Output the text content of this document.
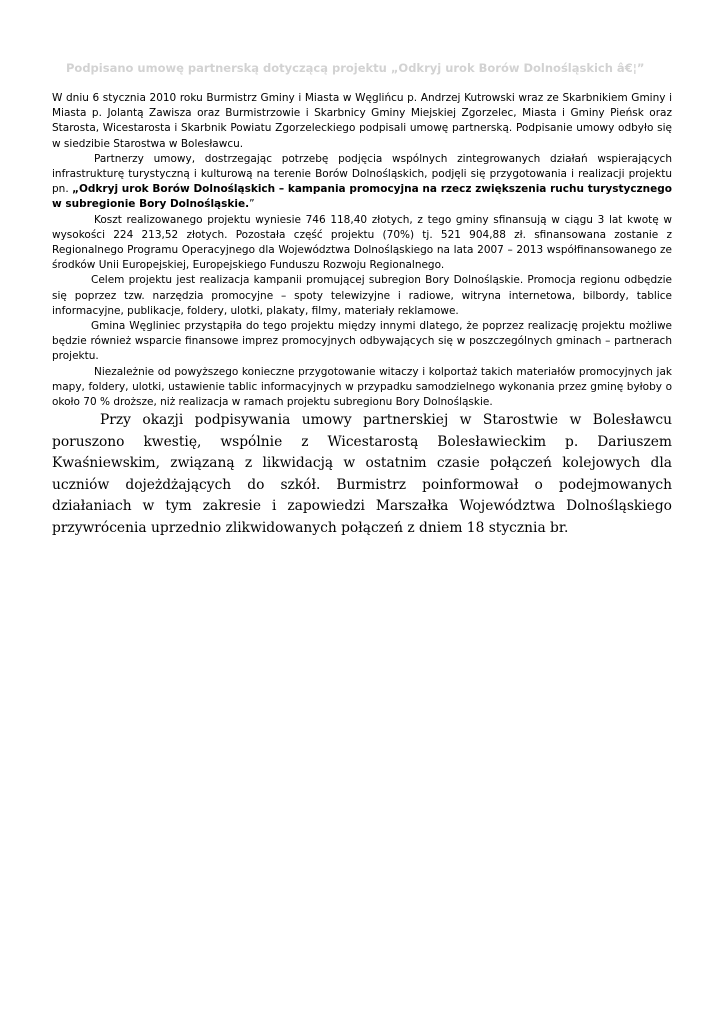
Podpisano umowę partnerską dotyczącą projektu „Odkryj urok Borów Dolnośląskich â€¦”

W dniu 6 stycznia 2010 roku Burmistrz Gminy i Miasta w Węglińcu p. Andrzej Kutrowski wraz ze Skarbnikiem Gminy i Miasta p. Jolantą Zawisza oraz Burmistrzowie i Skarbnicy Gminy Miejskiej Zgorzelec, Miasta i Gminy Pieńsk oraz Starosta, Wicestarosta i Skarbnik Powiatu Zgorzeleckiego podpisali umowę partnerską. Podpisanie umowy odbyło się w siedzibie Starostwa w Bolesławcu.

Partnerzy umowy, dostrzegając potrzebę podjęcia wspólnych zintegrowanych działań wspierających infrastrukturę turystyczną i kulturową na terenie Borów Dolnośląskich, podjęli się przygotowania i realizacji projektu pn. „Odkryj urok Borów Dolnośląskich – kampania promocyjna na rzecz zwiększenia ruchu turystycznego w subregionie Bory Dolnośląskie.”

Koszt realizowanego projektu wyniesie 746 118,40 złotych, z tego gminy sfinansują w ciągu 3 lat kwotę w wysokości 224 213,52 złotych. Pozostała część projektu (70%) tj. 521 904,88 zł. sfinansowana zostanie z Regionalnego Programu Operacyjnego dla Województwa Dolnośląskiego na lata 2007 – 2013 współfinansowanego ze środków Unii Europejskiej, Europejskiego Funduszu Rozwoju Regionalnego.

Celem projektu jest realizacja kampanii promującej subregion Bory Dolnośląskie. Promocja regionu odbędzie się poprzez tzw. narzędzia promocyjne – spoty telewizyjne i radiowe, witryna internetowa, bilbordy, tablice informacyjne, publikacje, foldery, ulotki, plakaty, filmy, materiały reklamowe.

Gmina Węgliniec przystąpiła do tego projektu między innymi dlatego, że poprzez realizację projektu możliwe będzie również wsparcie finansowe imprez promocyjnych odbywających się w poszczególnych gminach – partnerach projektu.

Niezależnie od powyższego konieczne przygotowanie witaczy i kolportaż takich materiałów promocyjnych jak mapy, foldery, ulotki, ustawienie tablic informacyjnych w przypadku samodzielnego wykonania przez gminę byłoby o około 70 % droższe, niż realizacja w ramach projektu subregionu Bory Dolnośląskie.

Przy okazji podpisywania umowy partnerskiej w Starostwie w Bolesławcu poruszono kwestię, wspólnie z Wicestarostą Bolesławieckim p. Dariuszem Kwaśniewskim, związaną z likwidacją w ostatnim czasie połączeń kolejowych dla uczniów dojeżdżających do szkół. Burmistrz poinformował o podejmowanych działaniach w tym zakresie i zapowiedzi Marszałka Województwa Dolnośląskiego przywrócenia uprzednio zlikwidowanych połączeń z dniem 18 stycznia br.
